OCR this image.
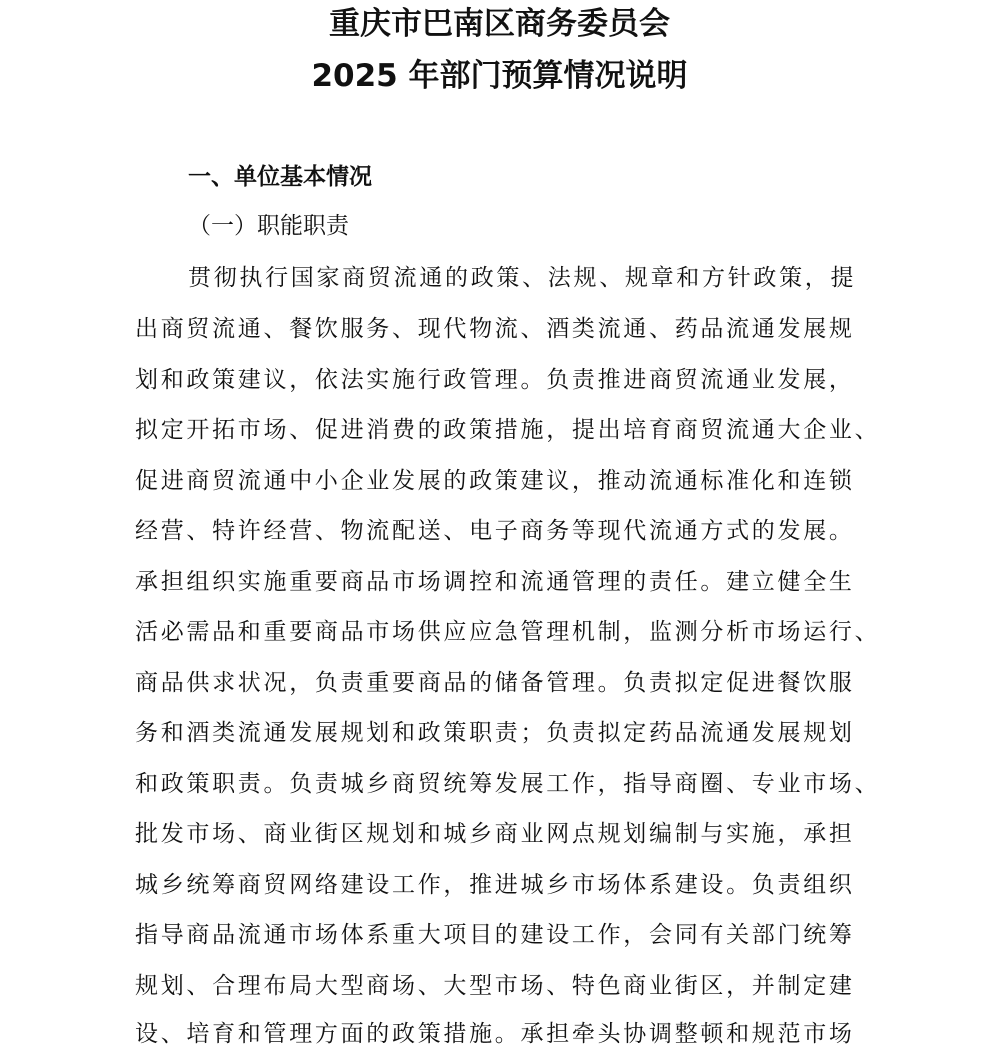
重庆市巴南区商务委员会
2025 年部门预算情况说明
一、单位基本情况
（一）职能职责
贯彻执行国家商贸流通的政策、法规、规章和方针政策，提
出商贸流通、餐饮服务、现代物流、酒类流通、药品流通发展规
划和政策建议，依法实施行政管理。负责推进商贸流通业发展，
拟定开拓市场、促进消费的政策措施，提出培育商贸流通大企业、
促进商贸流通中小企业发展的政策建议，推动流通标准化和连锁
经营、特许经营、物流配送、电子商务等现代流通方式的发展。
承担组织实施重要商品市场调控和流通管理的责任。建立健全生
活必需品和重要商品市场供应应急管理机制，监测分析市场运行、
商品供求状况，负责重要商品的储备管理。负责拟定促进餐饮服
务和酒类流通发展规划和政策职责；负责拟定药品流通发展规划
和政策职责。负责城乡商贸统筹发展工作，指导商圈、专业市场、
批发市场、商业街区规划和城乡商业网点规划编制与实施，承担
城乡统筹商贸网络建设工作，推进城乡市场体系建设。负责组织
指导商品流通市场体系重大项目的建设工作，会同有关部门统筹
规划、合理布局大型商场、大型市场、特色商业街区，并制定建
设、培育和管理方面的政策措施。承担牵头协调整顿和规范市场
